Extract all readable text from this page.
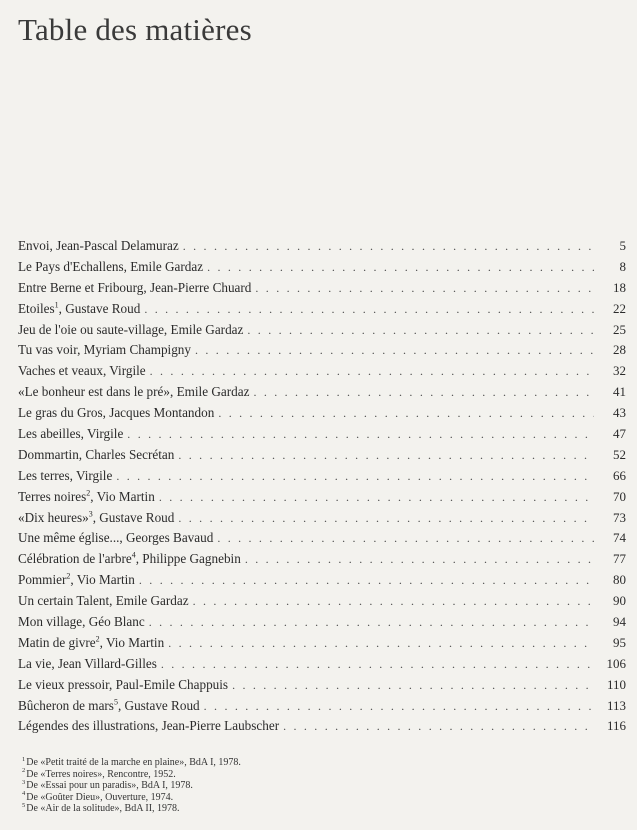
Table des matières
Envoi, Jean-Pascal Delamuraz . . .	5
Le Pays d'Echallens, Emile Gardaz . . .	8
Entre Berne et Fribourg, Jean-Pierre Chuard . . .	18
Etoiles$^1$, Gustave Roud . . .	22
Jeu de l'oie ou saute-village, Emile Gardaz . . .	25
Tu vas voir, Myriam Champigny . . .	28
Vaches et veaux, Virgile . . .	32
«Le bonheur est dans le pré», Emile Gardaz . . .	41
Le gras du Gros, Jacques Montandon . . .	43
Les abeilles, Virgile . . .	47
Dommartin, Charles Secrétan . . .	52
Les terres, Virgile . . .	66
Terres noires$^2$, Vio Martin . . .	70
«Dix heures»$^3$, Gustave Roud . . .	73
Une même église..., Georges Bavaud . . .	74
Célébration de l'arbre$^4$, Philippe Gagnebin . . .	77
Pommier$^2$, Vio Martin . . .	80
Un certain Talent, Emile Gardaz . . .	90
Mon village, Géo Blanc . . .	94
Matin de givre$^2$, Vio Martin . . .	95
La vie, Jean Villard-Gilles . . .	106
Le vieux pressoir, Paul-Emile Chappuis . . .	110
Bûcheron de mars$^5$, Gustave Roud . . .	113
Légendes des illustrations, Jean-Pierre Laubscher . . .	116
$^1$De «Petit traité de la marche en plaine», BdA I, 1978.
$^2$De «Terres noires», Rencontre, 1952.
$^3$De «Essai pour un paradis», BdA I, 1978.
$^4$De «Goûter Dieu», Ouverture, 1974.
$^5$De «Air de la solitude», BdA II, 1978.
